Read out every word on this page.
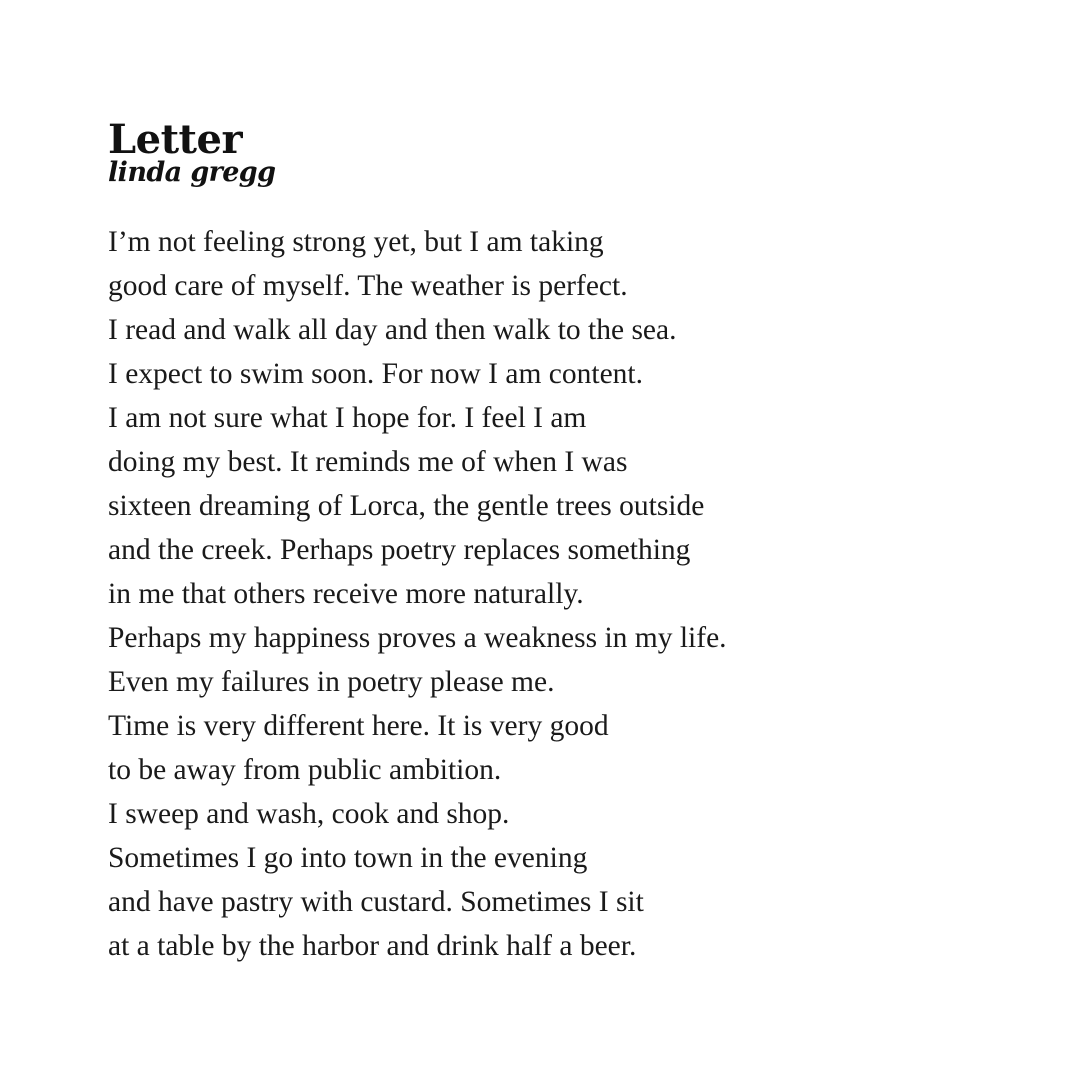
Letter
linda gregg
I’m not feeling strong yet, but I am taking
good care of myself. The weather is perfect.
I read and walk all day and then walk to the sea.
I expect to swim soon. For now I am content.
I am not sure what I hope for. I feel I am
doing my best. It reminds me of when I was
sixteen dreaming of Lorca, the gentle trees outside
and the creek. Perhaps poetry replaces something
in me that others receive more naturally.
Perhaps my happiness proves a weakness in my life.
Even my failures in poetry please me.
Time is very different here. It is very good
to be away from public ambition.
I sweep and wash, cook and shop.
Sometimes I go into town in the evening
and have pastry with custard. Sometimes I sit
at a table by the harbor and drink half a beer.
